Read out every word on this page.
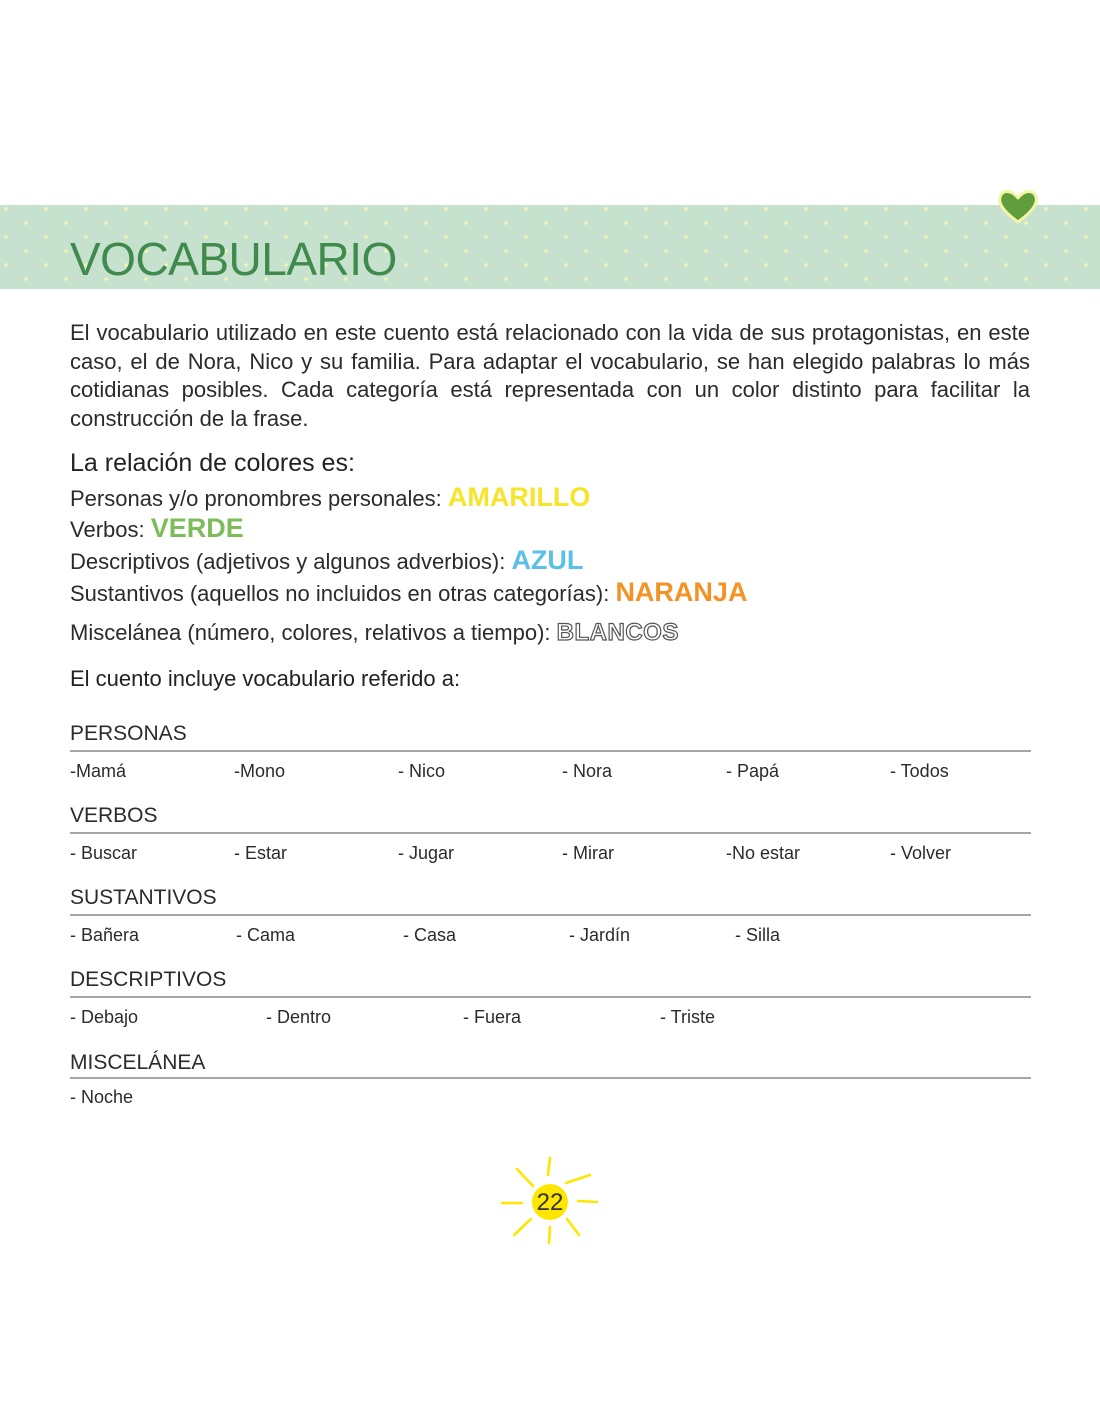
VOCABULARIO

El vocabulario utilizado en este cuento está relacionado con la vida de sus protagonistas, en este caso, el de Nora, Nico y su familia. Para adaptar el vocabulario, se han elegido palabras lo más cotidianas posibles. Cada categoría está representada con un color distinto para facilitar la construcción de la frase.

La relación de colores es:
Personas y/o pronombres personales: AMARILLO
Verbos: VERDE
Descriptivos (adjetivos y algunos adverbios): AZUL
Sustantivos (aquellos no incluidos en otras categorías): NARANJA
Miscelánea (número, colores, relativos a tiempo): BLANCOS
El cuento incluye vocabulario referido a:
PERSONAS
-Mamá	-Mono	- Nico	- Nora	- Papá	- Todos
VERBOS
- Buscar	- Estar	- Jugar	- Mirar	-No estar	- Volver
SUSTANTIVOS
- Bañera	- Cama	- Casa	- Jardín	- Silla
DESCRIPTIVOS
- Debajo	- Dentro	- Fuera	- Triste
MISCELÁNEA
- Noche
22
